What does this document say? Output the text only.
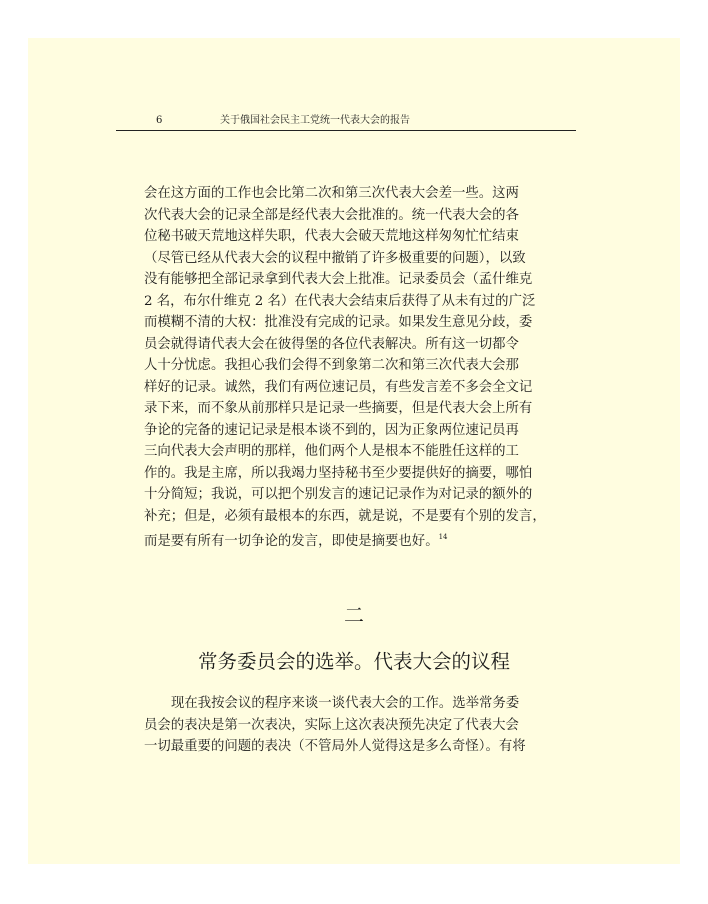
6	关于俄国社会民主工党统一代表大会的报告

会在这方面的工作也会比第二次和第三次代表大会差一些。这两
次代表大会的记录全部是经代表大会批准的。统一代表大会的各
位秘书破天荒地这样失职，代表大会破天荒地这样匆匆忙忙结束
（尽管已经从代表大会的议程中撤销了许多极重要的问题），以致
没有能够把全部记录拿到代表大会上批准。记录委员会（孟什维克
2 名，布尔什维克 2 名）在代表大会结束后获得了从未有过的广泛
而模糊不清的大权：批准没有完成的记录。如果发生意见分歧，委
员会就得请代表大会在彼得堡的各位代表解决。所有这一切都令
人十分忧虑。我担心我们会得不到象第二次和第三次代表大会那
样好的记录。诚然，我们有两位速记员，有些发言差不多会全文记
录下来，而不象从前那样只是记录一些摘要，但是代表大会上所有
争论的完备的速记记录是根本谈不到的，因为正象两位速记员再
三向代表大会声明的那样，他们两个人是根本不能胜任这样的工
作的。我是主席，所以我竭力坚持秘书至少要提供好的摘要，哪怕
十分简短；我说，可以把个别发言的速记记录作为对记录的额外的
补充；但是，必须有最根本的东西，就是说，不是要有个别的发言，
而是要有所有一切争论的发言，即使是摘要也好。$^{14}$

二
常务委员会的选举。代表大会的议程

现在我按会议的程序来谈一谈代表大会的工作。选举常务委
员会的表决是第一次表决，实际上这次表决预先决定了代表大会
一切最重要的问题的表决（不管局外人觉得这是多么奇怪）。有将
